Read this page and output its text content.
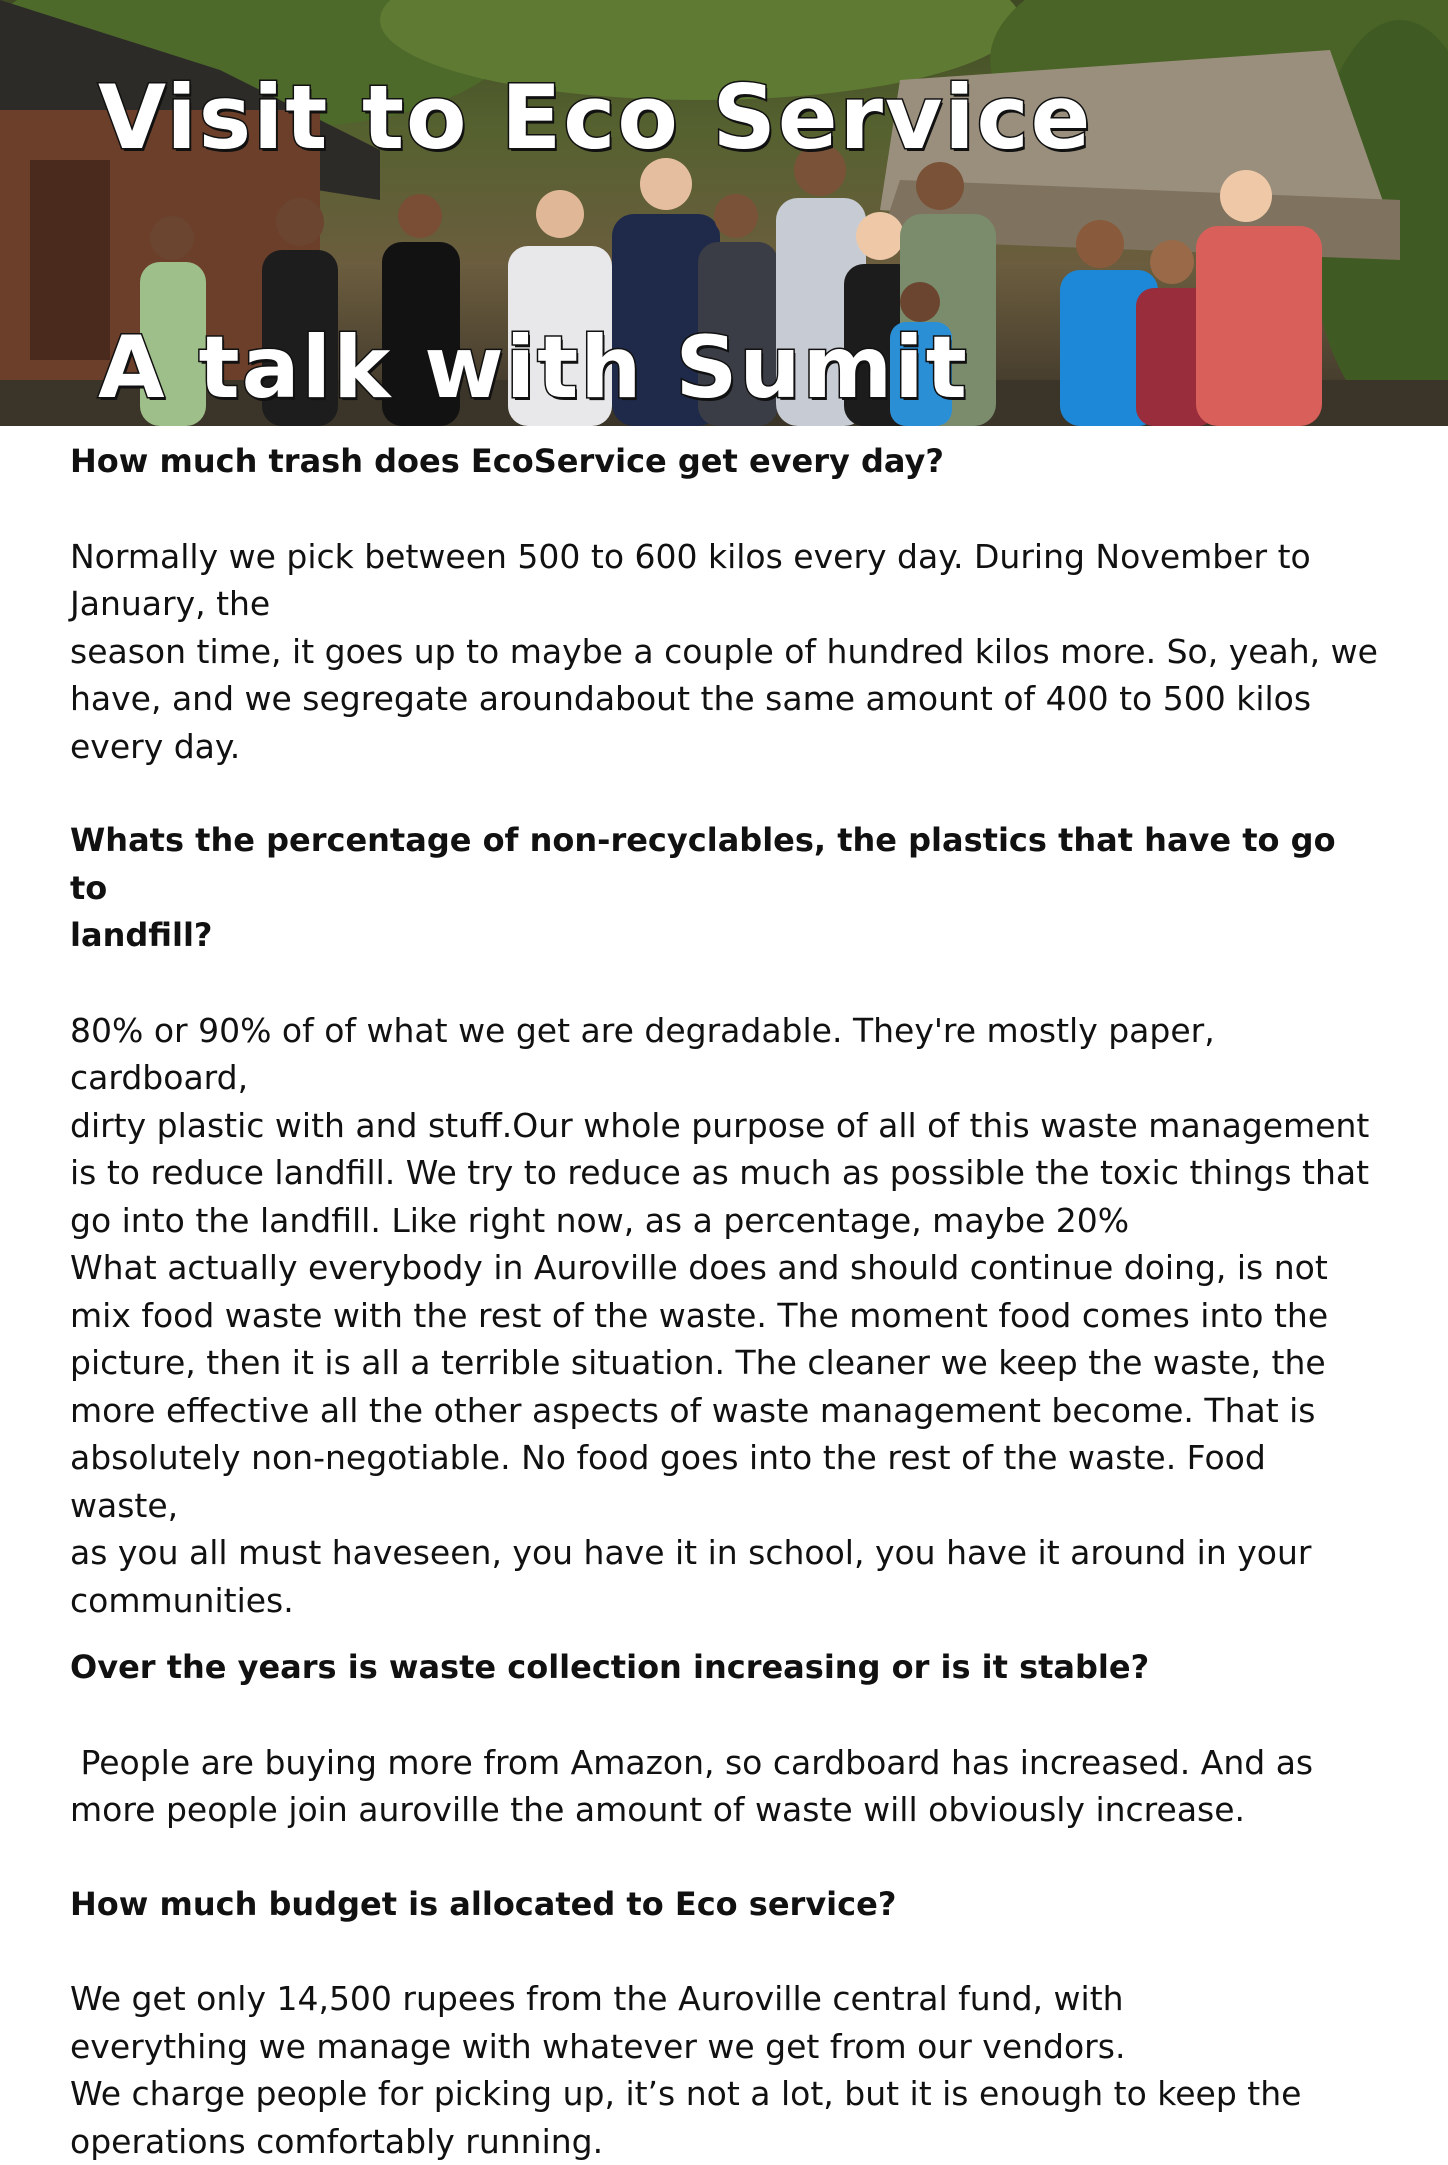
Visit to Eco Service
A talk with Sumit

How much trash does EcoService get every day?

Normally we pick between 500 to 600 kilos every day. During November to

January, the

season time, it goes up to maybe a couple of hundred kilos more. So, yeah, we

have, and we segregate aroundabout the same amount of 400 to 500 kilos

every day.

Whats the percentage of non-recyclables, the plastics that have to go to

landfill?

80% or 90% of of what we get are degradable. They're mostly paper, cardboard,

dirty plastic with and stuff.Our whole purpose of all of this waste management

is to reduce landfill. We try to reduce as much as possible the toxic things that

go into the landfill. Like right now, as a percentage, maybe 20%

What actually everybody in Auroville does and should continue doing, is not

mix food waste with the rest of the waste. The moment food comes into the

picture, then it is all a terrible situation. The cleaner we keep the waste, the

more effective all the other aspects of waste management become. That is

absolutely non-negotiable. No food goes into the rest of the waste. Food waste,

as you all must haveseen, you have it in school, you have it around in your

communities.

Over the years is waste collection increasing or is it stable?

People are buying more from Amazon, so cardboard has increased. And as

more people join auroville the amount of waste will obviously increase.

How much budget is allocated to Eco service?

We get only 14,500 rupees from the Auroville central fund, with

everything we manage with whatever we get from our vendors.

We charge people for picking up, it’s not a lot, but it is enough to keep the

operations comfortably running.
